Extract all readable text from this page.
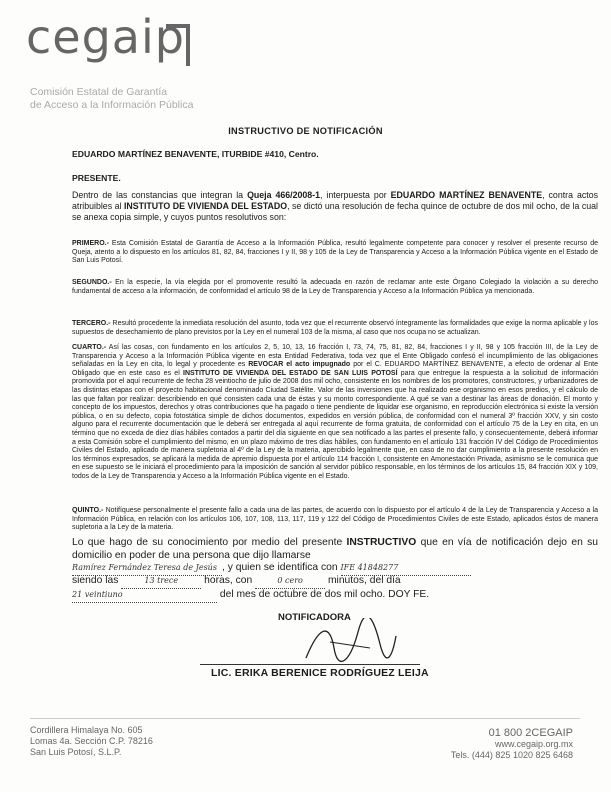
cegaip
Comisión Estatal de Garantía
de Acceso a la Información Pública
INSTRUCTIVO DE NOTIFICACIÓN
EDUARDO MARTÍNEZ BENAVENTE, ITURBIDE #410, Centro.
PRESENTE.
Dentro de las constancias que integran la Queja 466/2008-1, interpuesta por EDUARDO MARTÍNEZ BENAVENTE, contra actos atribuibles al INSTITUTO DE VIVIENDA DEL ESTADO, se dictó una resolución de fecha quince de octubre de dos mil ocho, de la cual se anexa copia simple, y cuyos puntos resolutivos son:
PRIMERO.- Esta Comisión Estatal de Garantía de Acceso a la Información Pública, resultó legalmente competente para conocer y resolver el presente recurso de Queja, atento a lo dispuesto en los artículos 81, 82, 84, fracciones I y II, 98 y 105 de la Ley de Transparencia y Acceso a la Información Pública vigente en el Estado de San Luis Potosí.
SEGUNDO.- En la especie, la vía elegida por el promovente resultó la adecuada en razón de reclamar ante este Órgano Colegiado la violación a su derecho fundamental de acceso a la información, de conformidad el artículo 98 de la Ley de Transparencia y Acceso a la Información Pública ya mencionada.
TERCERO.- Resultó procedente la inmediata resolución del asunto, toda vez que el recurrente observó íntegramente las formalidades que exige la norma aplicable y los supuestos de desechamiento de plano previstos por la Ley en el numeral 103 de la misma, al caso que nos ocupa no se actualizan.
CUARTO.- Así las cosas, con fundamento en los artículos 2, 5, 10, 13, 16 fracción I, 73, 74, 75, 81, 82, 84, fracciones I y II, 98 y 105 fracción III, de la Ley de Transparencia y Acceso a la Información Pública vigente en esta Entidad Federativa, toda vez que el Ente Obligado confesó el incumplimiento de las obligaciones señaladas en la Ley en cita, lo legal y procedente es REVOCAR el acto impugnado por el C. EDUARDO MARTÍNEZ BENAVENTE, a efecto de ordenar al Ente Obligado que en este caso es el INSTITUTO DE VIVIENDA DEL ESTADO DE SAN LUIS POTOSÍ para que entregue la respuesta a la solicitud de información promovida por el aquí recurrente de fecha 28 veintiocho de julio de 2008 dos mil ocho, consistente en los nombres de los promotores, constructores, y urbanizadores de las distintas etapas con el proyecto habitacional denominado Ciudad Satélite. Valor de las inversiones que ha realizado ese organismo en esos predios, y el cálculo de las que faltan por realizar: describiendo en qué consisten cada una de éstas y su monto correspondiente. A qué se van a destinar las áreas de donación. El monto y concepto de los impuestos, derechos y otras contribuciones que ha pagado o tiene pendiente de liquidar ese organismo, en reproducción electrónica si existe la versión pública, o en su defecto, copia fotostática simple de dichos documentos, expedidos en versión pública, de conformidad con el numeral 3º fracción XXV, y sin costo alguno para el recurrente documentación que le deberá ser entregada al aquí recurrente de forma gratuita, de conformidad con el artículo 75 de la Ley en cita, en un término que no exceda de diez días hábiles contados a partir del día siguiente en que sea notificado a las partes el presente fallo, y consecuentemente, deberá informar a esta Comisión sobre el cumplimiento del mismo, en un plazo máximo de tres días hábiles, con fundamento en el artículo 131 fracción IV del Código de Procedimientos Civiles del Estado, aplicado de manera supletoria al 4º de la Ley de la materia, apercibido legalmente que, en caso de no dar cumplimiento a la presente resolución en los términos expresados, se aplicará la medida de apremio dispuesta por el artículo 114 fracción I, consistente en Amonestación Privada, asimismo se le comunica que en ese supuesto se le iniciará el procedimiento para la imposición de sanción al servidor público responsable, en los términos de los artículos 15, 84 fracción XIX y 109, todos de la Ley de Transparencia y Acceso a la Información Pública vigente en el Estado.
QUINTO.- Notifíquese personalmente el presente fallo a cada una de las partes, de acuerdo con lo dispuesto por el artículo 4 de la Ley de Transparencia y Acceso a la Información Pública, en relación con los artículos 106, 107, 108, 113, 117, 119 y 122 del Código de Procedimientos Civiles de este Estado, aplicados éstos de manera supletoria a la Ley de la materia.
Lo que hago de su conocimiento por medio del presente INSTRUCTIVO que en vía de notificación dejo en su domicilio en poder de una persona que dijo llamarse
Ramírez Fernández Teresa de Jesús , y quien se identifica con IFE 41848277
siendo las	13 trece	horas, con	0 cero minutos, del día
21 veintiuno	del mes de octubre de dos mil ocho. DOY FE.
NOTIFICADORA
LIC. ERIKA BERENICE RODRÍGUEZ LEIJA
Cordillera Himalaya No. 605
Lomas 4a. Sección C.P. 78216
San Luis Potosí, S.L.P.
01 800 2CEGAIP
www.cegaip.org.mx
Tels. (444) 825 1020 825 6468
